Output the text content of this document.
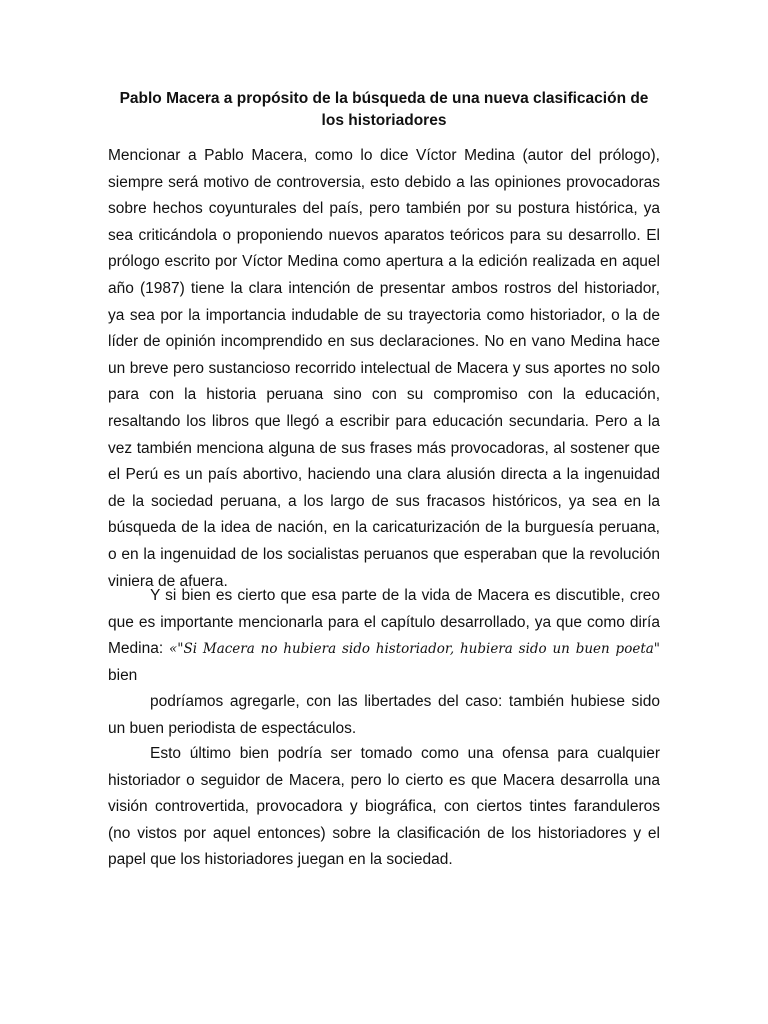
Pablo Macera a propósito de la búsqueda de una nueva clasificación de los historiadores

Mencionar a Pablo Macera, como lo dice Víctor Medina (autor del prólogo), siempre será motivo de controversia, esto debido a las opiniones provocadoras sobre hechos coyunturales del país, pero también por su postura histórica, ya sea criticándola o proponiendo nuevos aparatos teóricos para su desarrollo. El prólogo escrito por Víctor Medina como apertura a la edición realizada en aquel año (1987) tiene la clara intención de presentar ambos rostros del historiador, ya sea por la importancia indudable de su trayectoria como historiador, o la de líder de opinión incomprendido en sus declaraciones. No en vano Medina hace un breve pero sustancioso recorrido intelectual de Macera y sus aportes no solo para con la historia peruana sino con su compromiso con la educación, resaltando los libros que llegó a escribir para educación secundaria. Pero a la vez también menciona alguna de sus frases más provocadoras, al sostener que el Perú es un país abortivo, haciendo una clara alusión directa a la ingenuidad de la sociedad peruana, a los largo de sus fracasos históricos, ya sea en la búsqueda de la idea de nación, en la caricaturización de la burguesía peruana, o en la ingenuidad de los socialistas peruanos que esperaban que la revolución viniera de afuera.

Y si bien es cierto que esa parte de la vida de Macera es discutible, creo que es importante mencionarla para el capítulo desarrollado, ya que como diría Medina: «"Si Macera no hubiera sido historiador, hubiera sido un buen poeta" bien
podríamos agregarle, con las libertades del caso: también hubiese sido un buen periodista de espectáculos.

Esto último bien podría ser tomado como una ofensa para cualquier historiador o seguidor de Macera, pero lo cierto es que Macera desarrolla una visión controvertida, provocadora y biográfica, con ciertos tintes faranduleros (no vistos por aquel entonces) sobre la clasificación de los historiadores y el papel que los historiadores juegan en la sociedad.
